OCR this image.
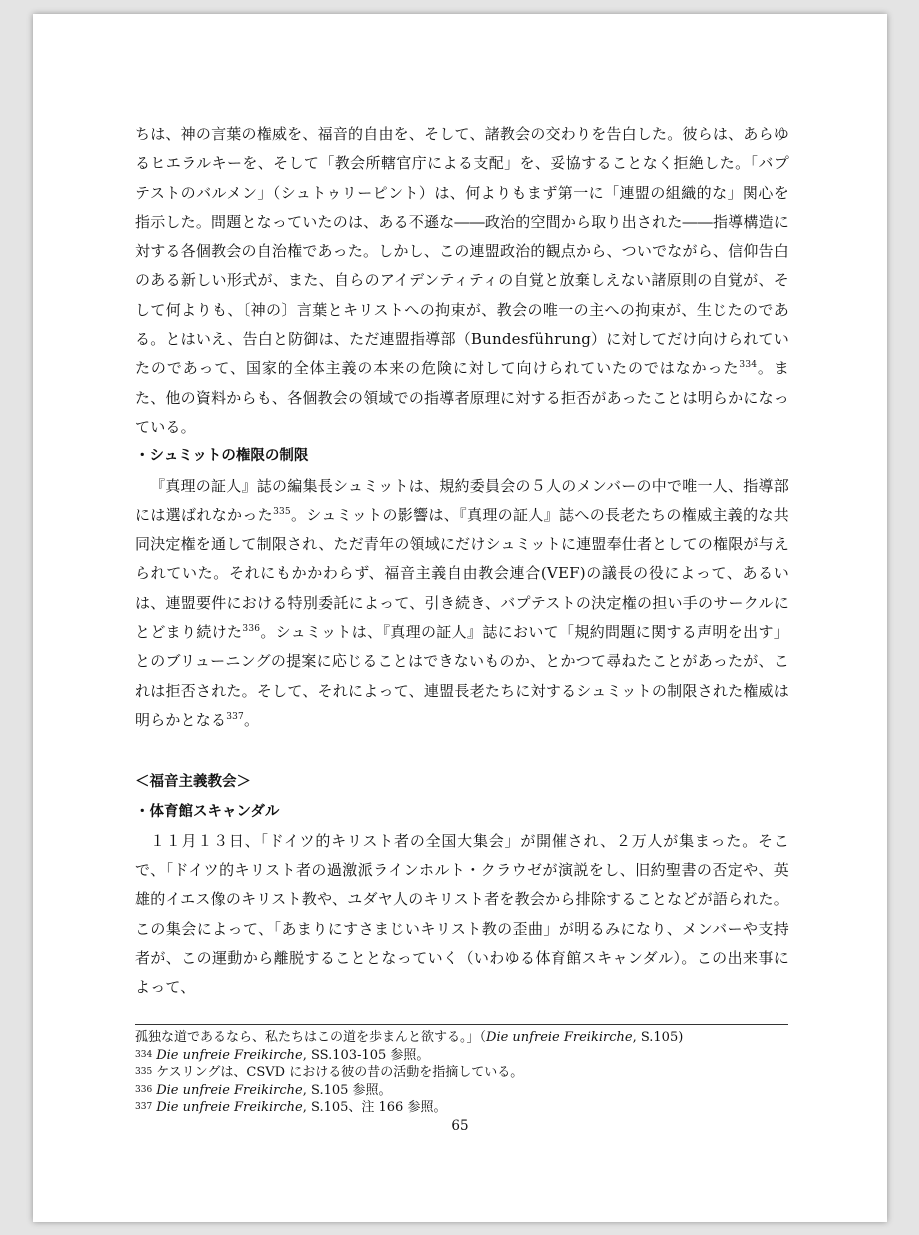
ちは、神の言葉の権威を、福音的自由を、そして、諸教会の交わりを告白した。彼らは、あらゆるヒエラルキーを、そして「教会所轄官庁による支配」を、妥協することなく拒絶した。「バプテストのバルメン」（シュトゥリーピント）は、何よりもまず第一に「連盟の組織的な」関心を指示した。問題となっていたのは、ある不遜な――政治的空間から取り出された――指導構造に対する各個教会の自治権であった。しかし、この連盟政治的観点から、ついでながら、信仰告白のある新しい形式が、また、自らのアイデンティティの自覚と放棄しえない諸原則の自覚が、そして何よりも、〔神の〕言葉とキリストへの拘束が、教会の唯一の主への拘束が、生じたのである。とはいえ、告白と防御は、ただ連盟指導部（Bundesführung）に対してだけ向けられていたのであって、国家的全体主義の本来の危険に対して向けられていたのではなかった$^{334}$。また、他の資料からも、各個教会の領域での指導者原理に対する拒否があったことは明らかになっている。

・シュミットの権限の制限

『真理の証人』誌の編集長シュミットは、規約委員会の５人のメンバーの中で唯一人、指導部には選ばれなかった$^{335}$。シュミットの影響は、『真理の証人』誌への長老たちの権威主義的な共同決定権を通して制限され、ただ青年の領域にだけシュミットに連盟奉仕者としての権限が与えられていた。それにもかかわらず、福音主義自由教会連合(VEF)の議長の役によって、あるいは、連盟要件における特別委託によって、引き続き、バプテストの決定権の担い手のサークルにとどまり続けた$^{336}$。シュミットは、『真理の証人』誌において「規約問題に関する声明を出す」とのブリューニングの提案に応じることはできないものか、とかつて尋ねたことがあったが、これは拒否された。そして、それによって、連盟長老たちに対するシュミットの制限された権威は明らかとなる$^{337}$。

＜福音主義教会＞
・体育館スキャンダル

１１月１３日、「ドイツ的キリスト者の全国大集会」が開催され、２万人が集まった。そこで、「ドイツ的キリスト者の過激派ラインホルト・クラウゼが演説をし、旧約聖書の否定や、英雄的イエス像のキリスト教や、ユダヤ人のキリスト者を教会から排除することなどが語られた。この集会によって、「あまりにすさまじいキリスト教の歪曲」が明るみになり、メンバーや支持者が、この運動から離脱することとなっていく（いわゆる体育館スキャンダル）。この出来事によって、

孤独な道であるなら、私たちはこの道を歩まんと欲する。」（Die unfreie Freikirche, S.105)

334 Die unfreie Freikirche, SS.103-105 参照。

335 ケスリングは、CSVD における彼の昔の活動を指摘している。

336 Die unfreie Freikirche, S.105 参照。

337 Die unfreie Freikirche, S.105、注 166 参照。

65
